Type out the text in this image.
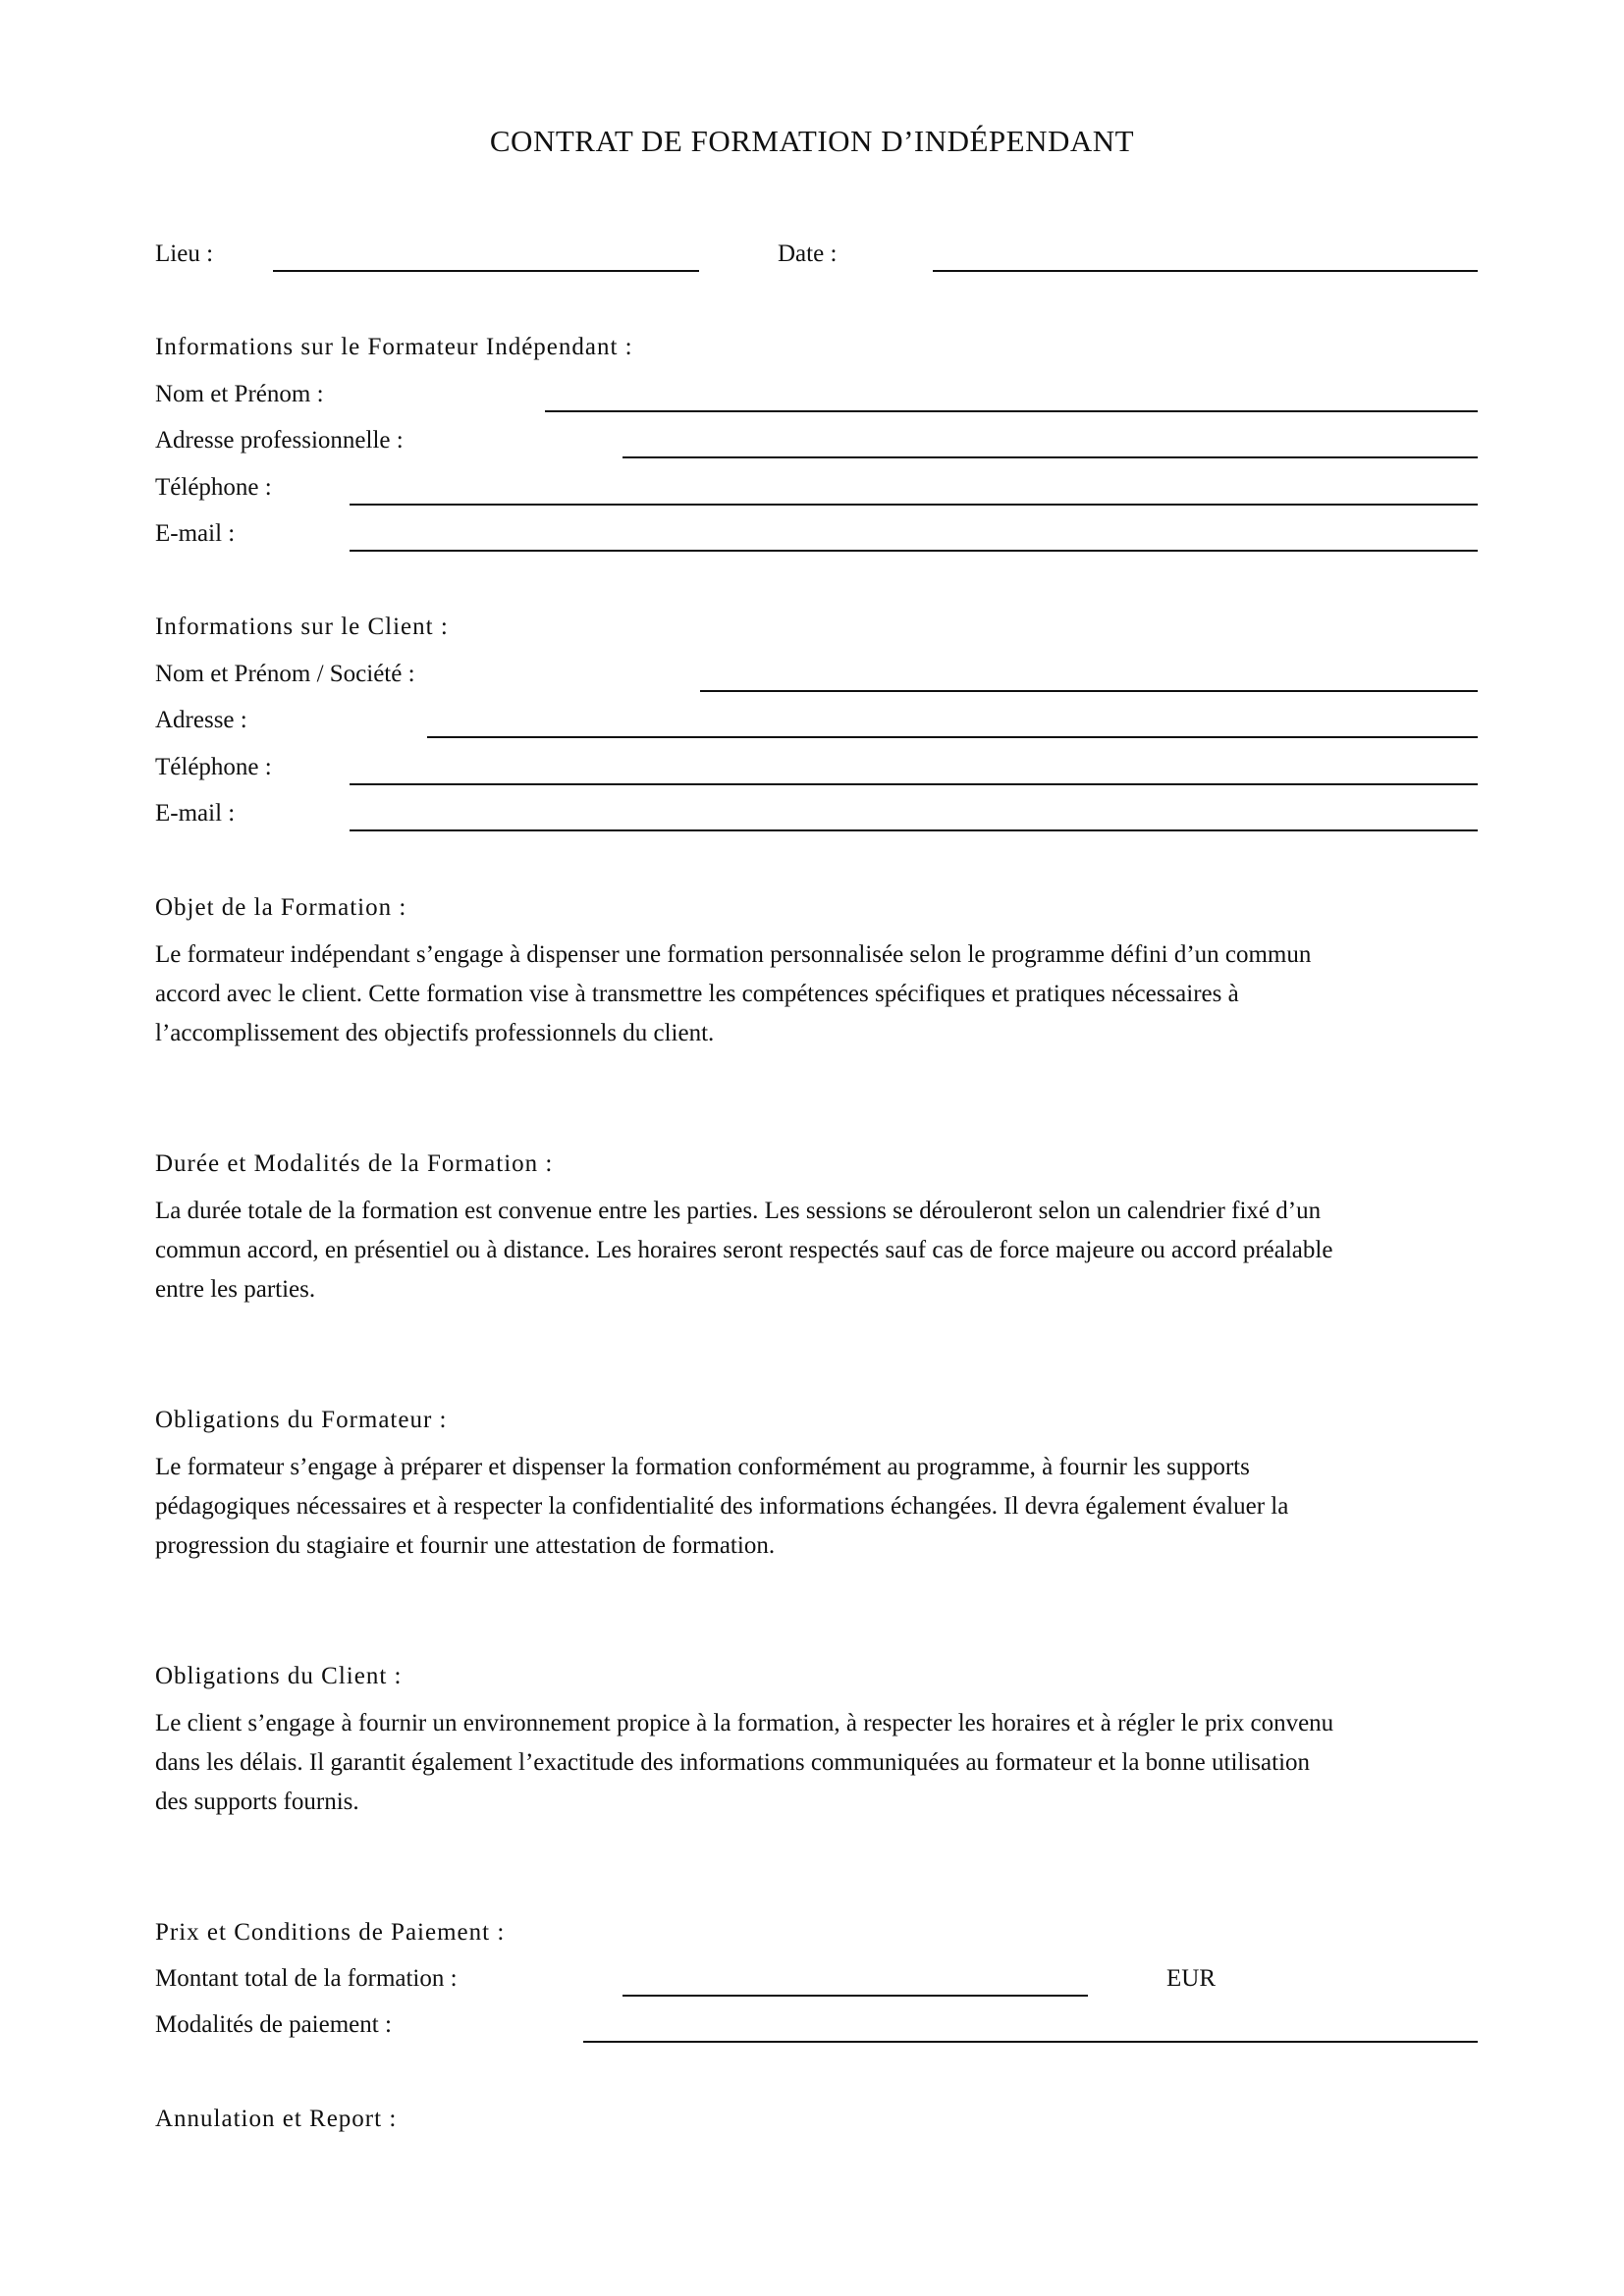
CONTRAT DE FORMATION D’INDÉPENDANT
Lieu :	Date :
Informations sur le Formateur Indépendant :
Nom et Prénom :
Adresse professionnelle :
Téléphone :
E-mail :
Informations sur le Client :
Nom et Prénom / Société :
Adresse :
Téléphone :
E-mail :
Objet de la Formation :

Le formateur indépendant s’engage à dispenser une formation personnalisée selon le programme défini d’un commun
accord avec le client. Cette formation vise à transmettre les compétences spécifiques et pratiques nécessaires à
l’accomplissement des objectifs professionnels du client.

Durée et Modalités de la Formation :

La durée totale de la formation est convenue entre les parties. Les sessions se dérouleront selon un calendrier fixé d’un
commun accord, en présentiel ou à distance. Les horaires seront respectés sauf cas de force majeure ou accord préalable
entre les parties.

Obligations du Formateur :

Le formateur s’engage à préparer et dispenser la formation conformément au programme, à fournir les supports
pédagogiques nécessaires et à respecter la confidentialité des informations échangées. Il devra également évaluer la
progression du stagiaire et fournir une attestation de formation.

Obligations du Client :

Le client s’engage à fournir un environnement propice à la formation, à respecter les horaires et à régler le prix convenu
dans les délais. Il garantit également l’exactitude des informations communiquées au formateur et la bonne utilisation
des supports fournis.

Prix et Conditions de Paiement :
Montant total de la formation :	EUR
Modalités de paiement :
Annulation et Report :
